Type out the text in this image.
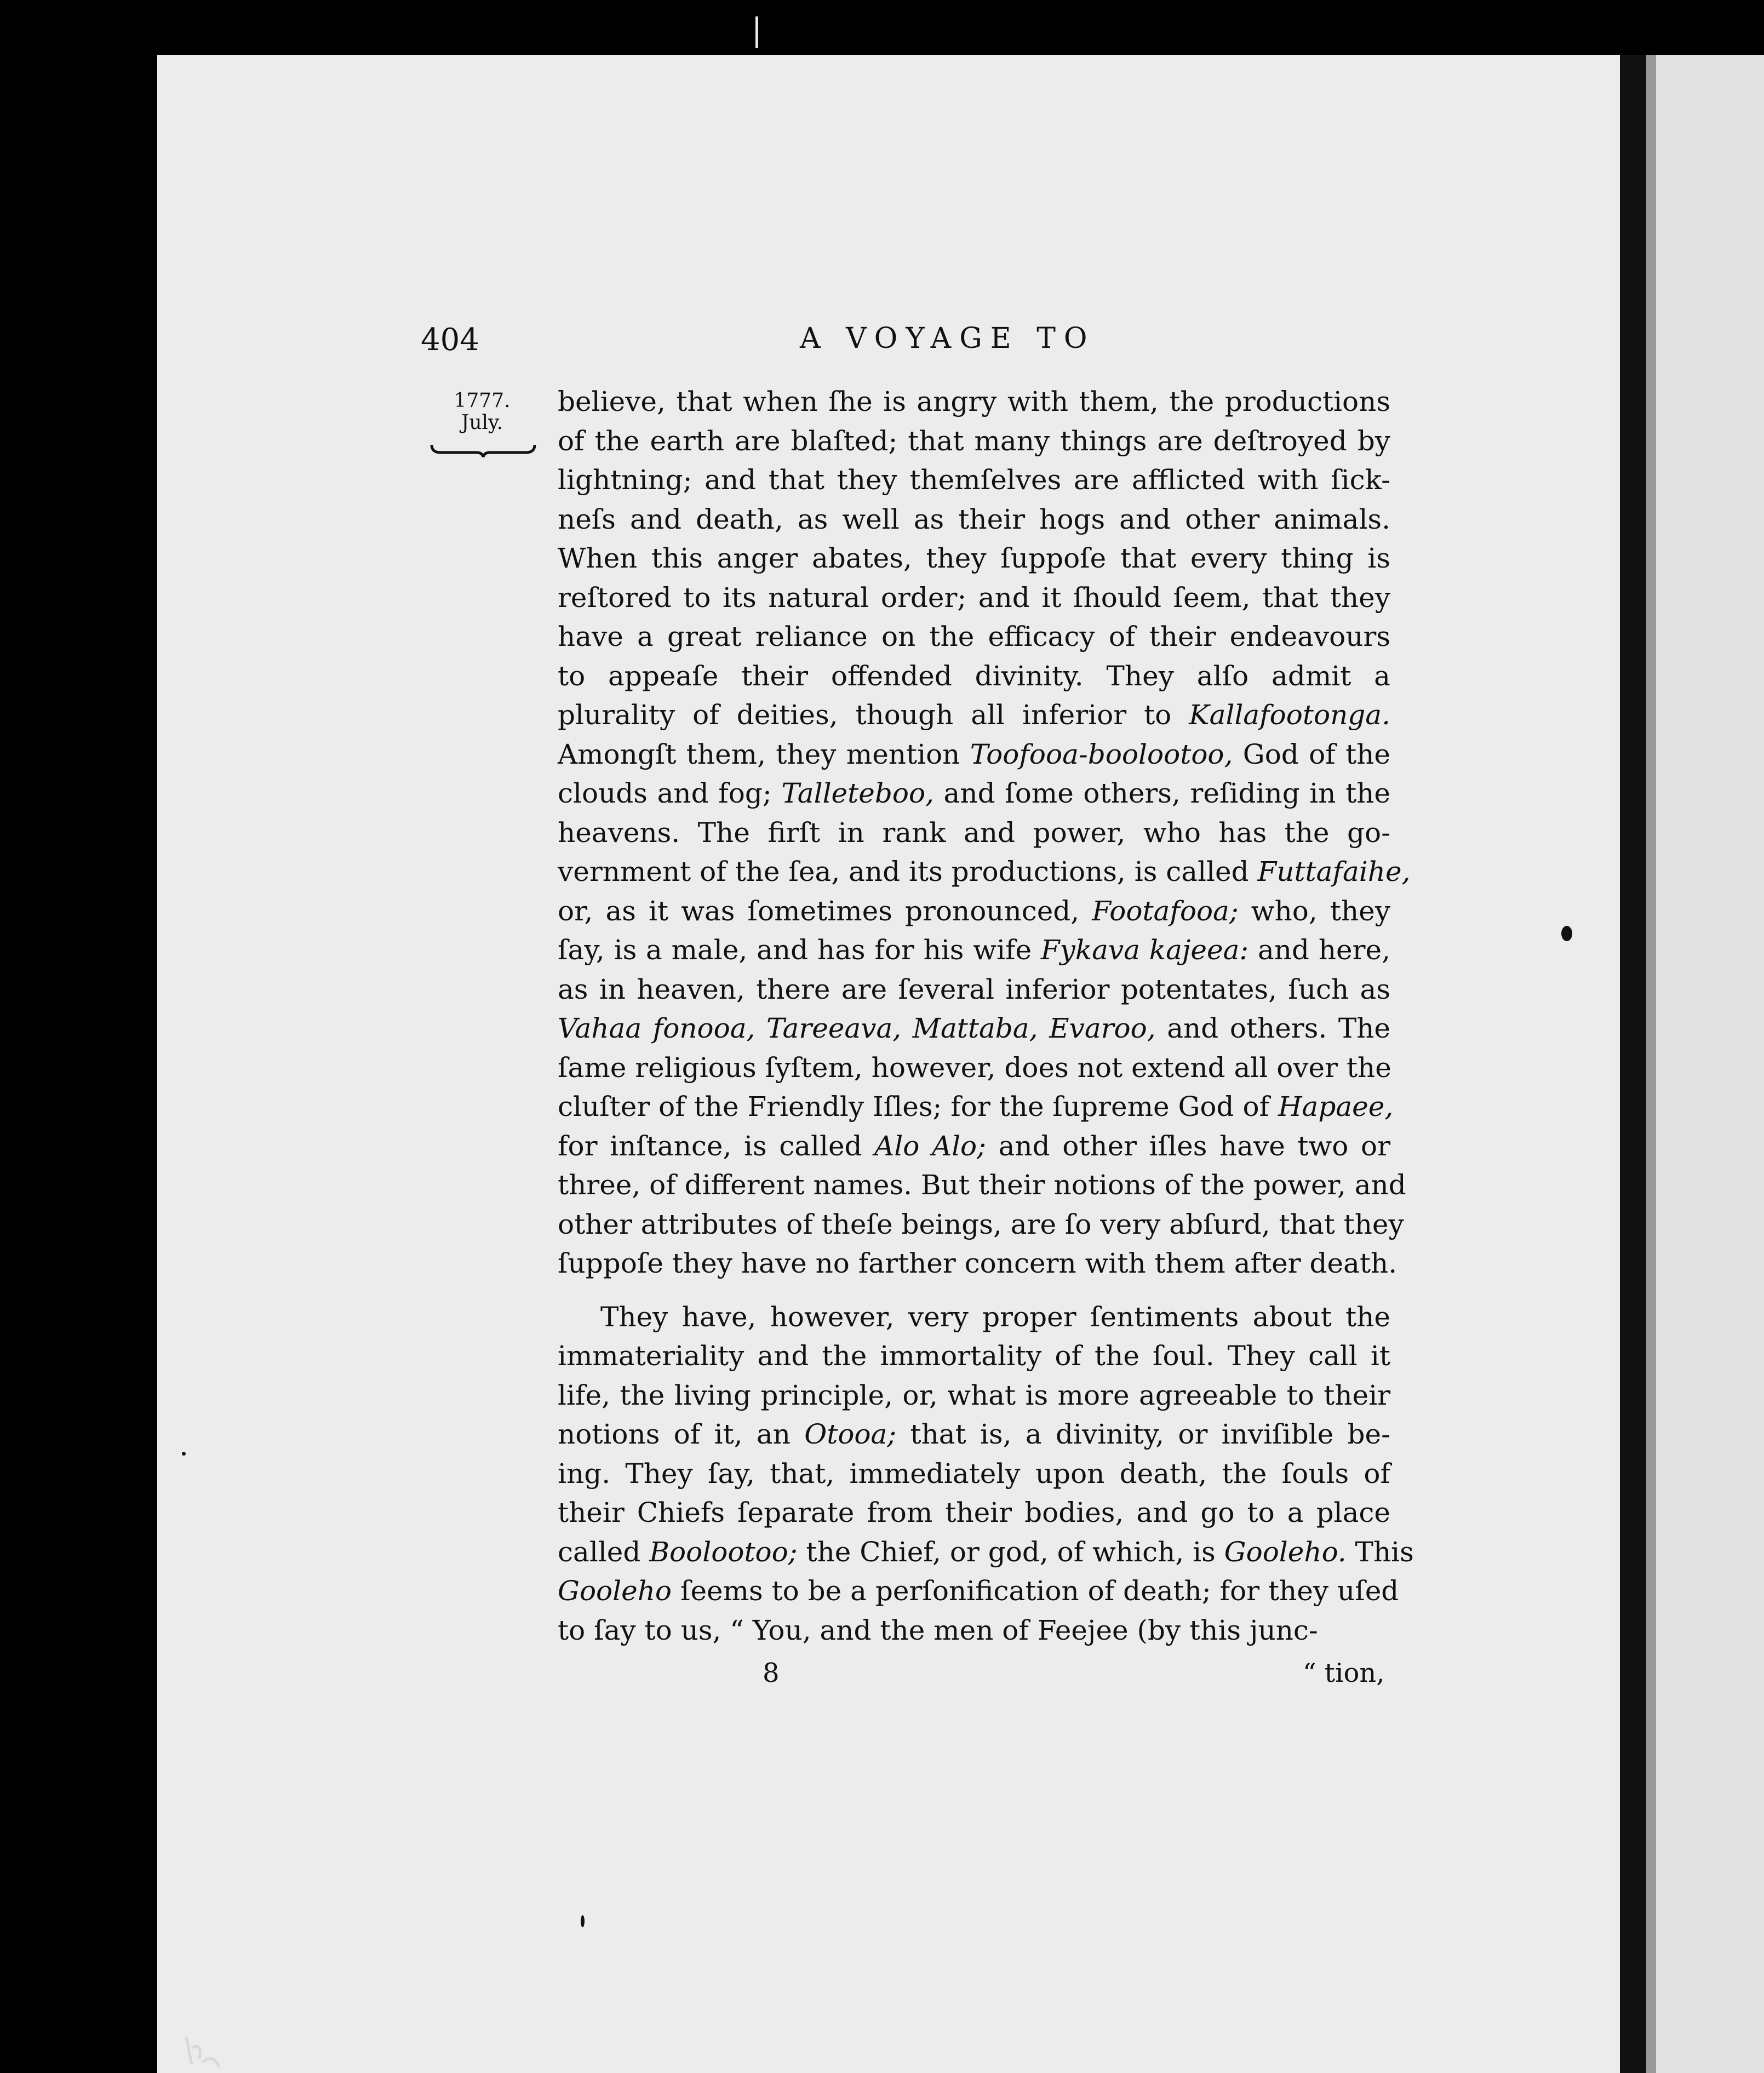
404	A VOYAGE TO
1777.
July.
believe, that when ſhe is angry with them, the productions
of the earth are blaſted; that many things are deſtroyed by
lightning; and that they themſelves are afflicted with ſick-
neſs and death, as well as their hogs and other animals.
When this anger abates, they ſuppoſe that every thing is
reſtored to its natural order; and it ſhould ſeem, that they
have a great reliance on the efficacy of their endeavours
to appeaſe their offended divinity. They alſo admit a
plurality of deities, though all inferior to Kallafootonga.
Amongſt them, they mention Toofooa-boolootoo, God of the
clouds and fog; Talleteboo, and ſome others, reſiding in the
heavens. The firſt in rank and power, who has the go-
vernment of the ſea, and its productions, is called Futtafaihe,
or, as it was ſometimes pronounced, Footafooa; who, they
ſay, is a male, and has for his wife Fykava kajeea: and here,
as in heaven, there are ſeveral inferior potentates, ſuch as
Vahaa fonooa, Tareeava, Mattaba, Evaroo, and others. The
ſame religious ſyſtem, however, does not extend all over the
cluſter of the Friendly Iſles; for the ſupreme God of Hapaee,
for inſtance, is called Alo Alo; and other iſles have two or
three, of different names. But their notions of the power, and
other attributes of theſe beings, are ſo very abſurd, that they
ſuppoſe they have no farther concern with them after death.
They have, however, very proper ſentiments about the
immateriality and the immortality of the ſoul. They call it
life, the living principle, or, what is more agreeable to their
notions of it, an Otooa; that is, a divinity, or inviſible be-
ing. They ſay, that, immediately upon death, the ſouls of
their Chiefs ſeparate from their bodies, and go to a place
called Boolootoo; the Chief, or god, of which, is Gooleho. This
Gooleho ſeems to be a perſonification of death; for they uſed
to ſay to us, “ You, and the men of Feejee (by this junc-
8	“ tion,
